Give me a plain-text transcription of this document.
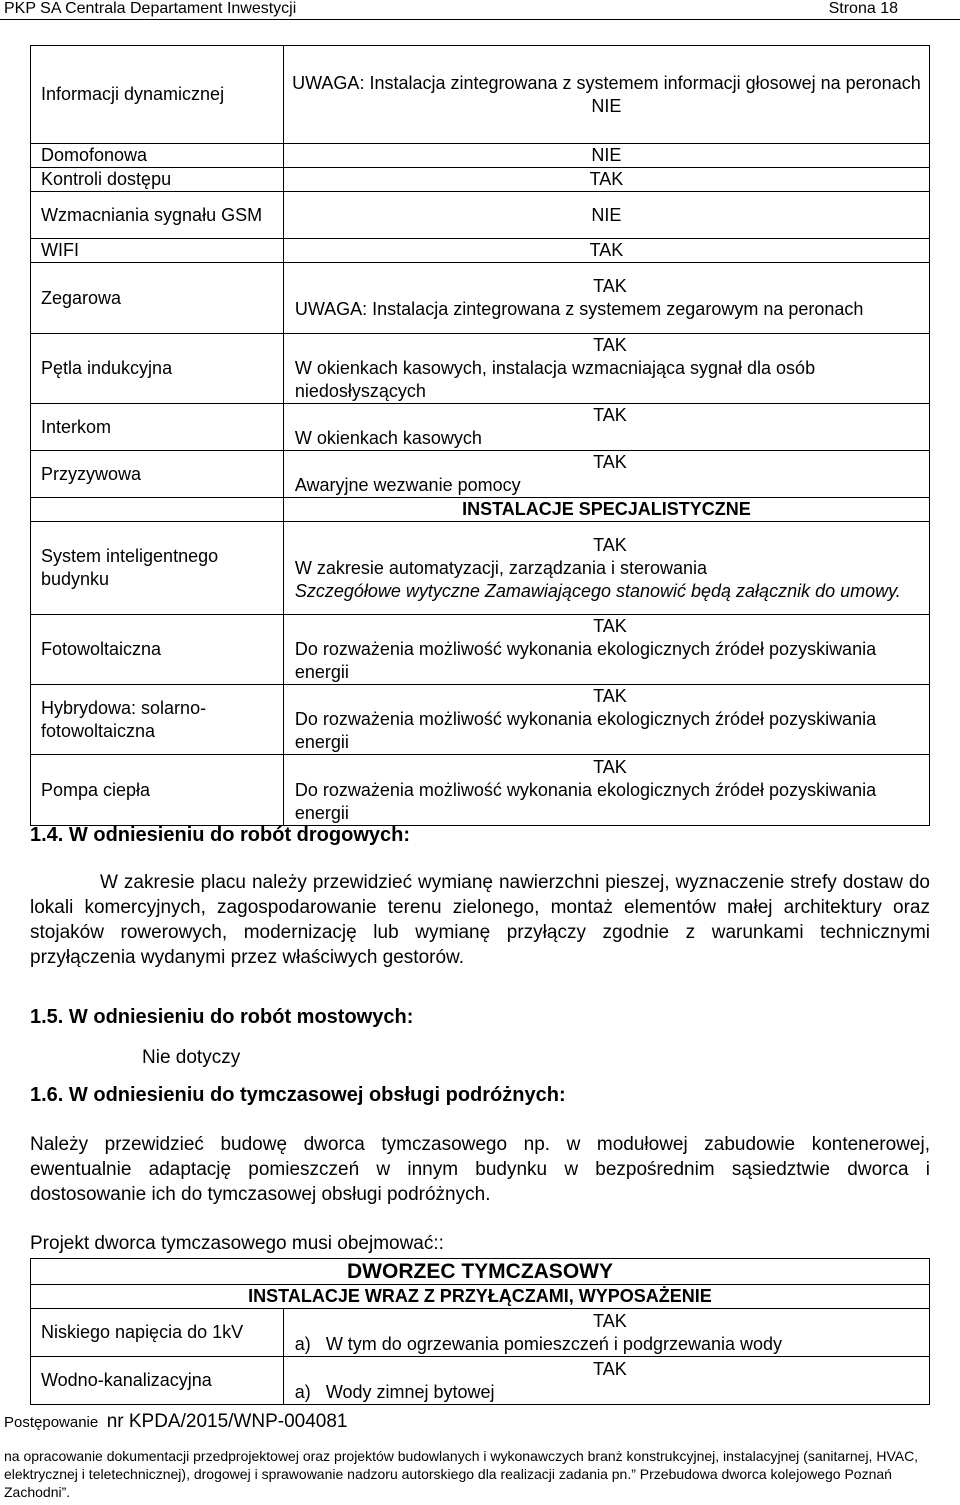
PKP SA Centrala Departament Inwestycji	Strona 18
Informacji dynamicznej	UWAGA: Instalacja zintegrowana z systemem informacji głosowej na peronach
NIE

Domofonowa	NIE
Kontroli dostępu	TAK
Wzmacniania sygnału GSM	NIE
WIFI	TAK
Zegarowa	TAK
UWAGA: Instalacja zintegrowana z systemem zegarowym na peronach

Pętla indukcyjna	TAK
W okienkach kasowych, instalacja wzmacniająca sygnał dla osób niedosłyszących

Interkom	TAK
W okienkach kasowych

Przyzywowa	TAK
Awaryjne wezwanie pomocy

	INSTALACJE SPECJALISTYCZNE
System inteligentnego budynku	TAK
W zakresie automatyzacji, zarządzania i sterowania
Szczegółowe wytyczne Zamawiającego stanowić będą załącznik do umowy.

Fotowoltaiczna	TAK
Do rozważenia możliwość wykonania ekologicznych źródeł pozyskiwania energii

Hybrydowa: solarno-fotowoltaiczna	TAK
Do rozważenia możliwość wykonania ekologicznych źródeł pozyskiwania energii

Pompa ciepła	TAK
Do rozważenia możliwość wykonania ekologicznych źródeł pozyskiwania energii
1.4. W odniesieniu do robót drogowych:
W zakresie placu należy przewidzieć wymianę nawierzchni pieszej, wyznaczenie strefy dostaw do lokali komercyjnych, zagospodarowanie terenu zielonego, montaż elementów małej architektury oraz stojaków rowerowych, modernizację lub wymianę przyłączy zgodnie z warunkami technicznymi przyłączenia wydanymi przez właściwych gestorów.
1.5. W odniesieniu do robót mostowych:
Nie dotyczy
1.6. W odniesieniu do tymczasowej obsługi podróżnych:
Należy przewidzieć budowę dworca tymczasowego np. w modułowej zabudowie kontenerowej, ewentualnie adaptację pomieszczeń w innym budynku w bezpośrednim sąsiedztwie dworca i dostosowanie ich do tymczasowej obsługi podróżnych.
Projekt dworca tymczasowego musi obejmować::
DWORZEC TYMCZASOWY	
INSTALACJE WRAZ Z PRZYŁĄCZAMI, WYPOSAŻENIE	
Niskiego napięcia do 1kV	TAK
a) W tym do ogrzewania pomieszczeń i podgrzewania wody

Wodno-kanalizacyjna	TAK
a) Wody zimnej bytowej
Postępowanie nr KPDA/2015/WNP-004081
na opracowanie dokumentacji przedprojektowej oraz projektów budowlanych i wykonawczych branż konstrukcyjnej, instalacyjnej (sanitarnej, HVAC, elektrycznej i teletechnicznej), drogowej i sprawowanie nadzoru autorskiego dla realizacji zadania pn.” Przebudowa dworca kolejowego Poznań Zachodni”.
